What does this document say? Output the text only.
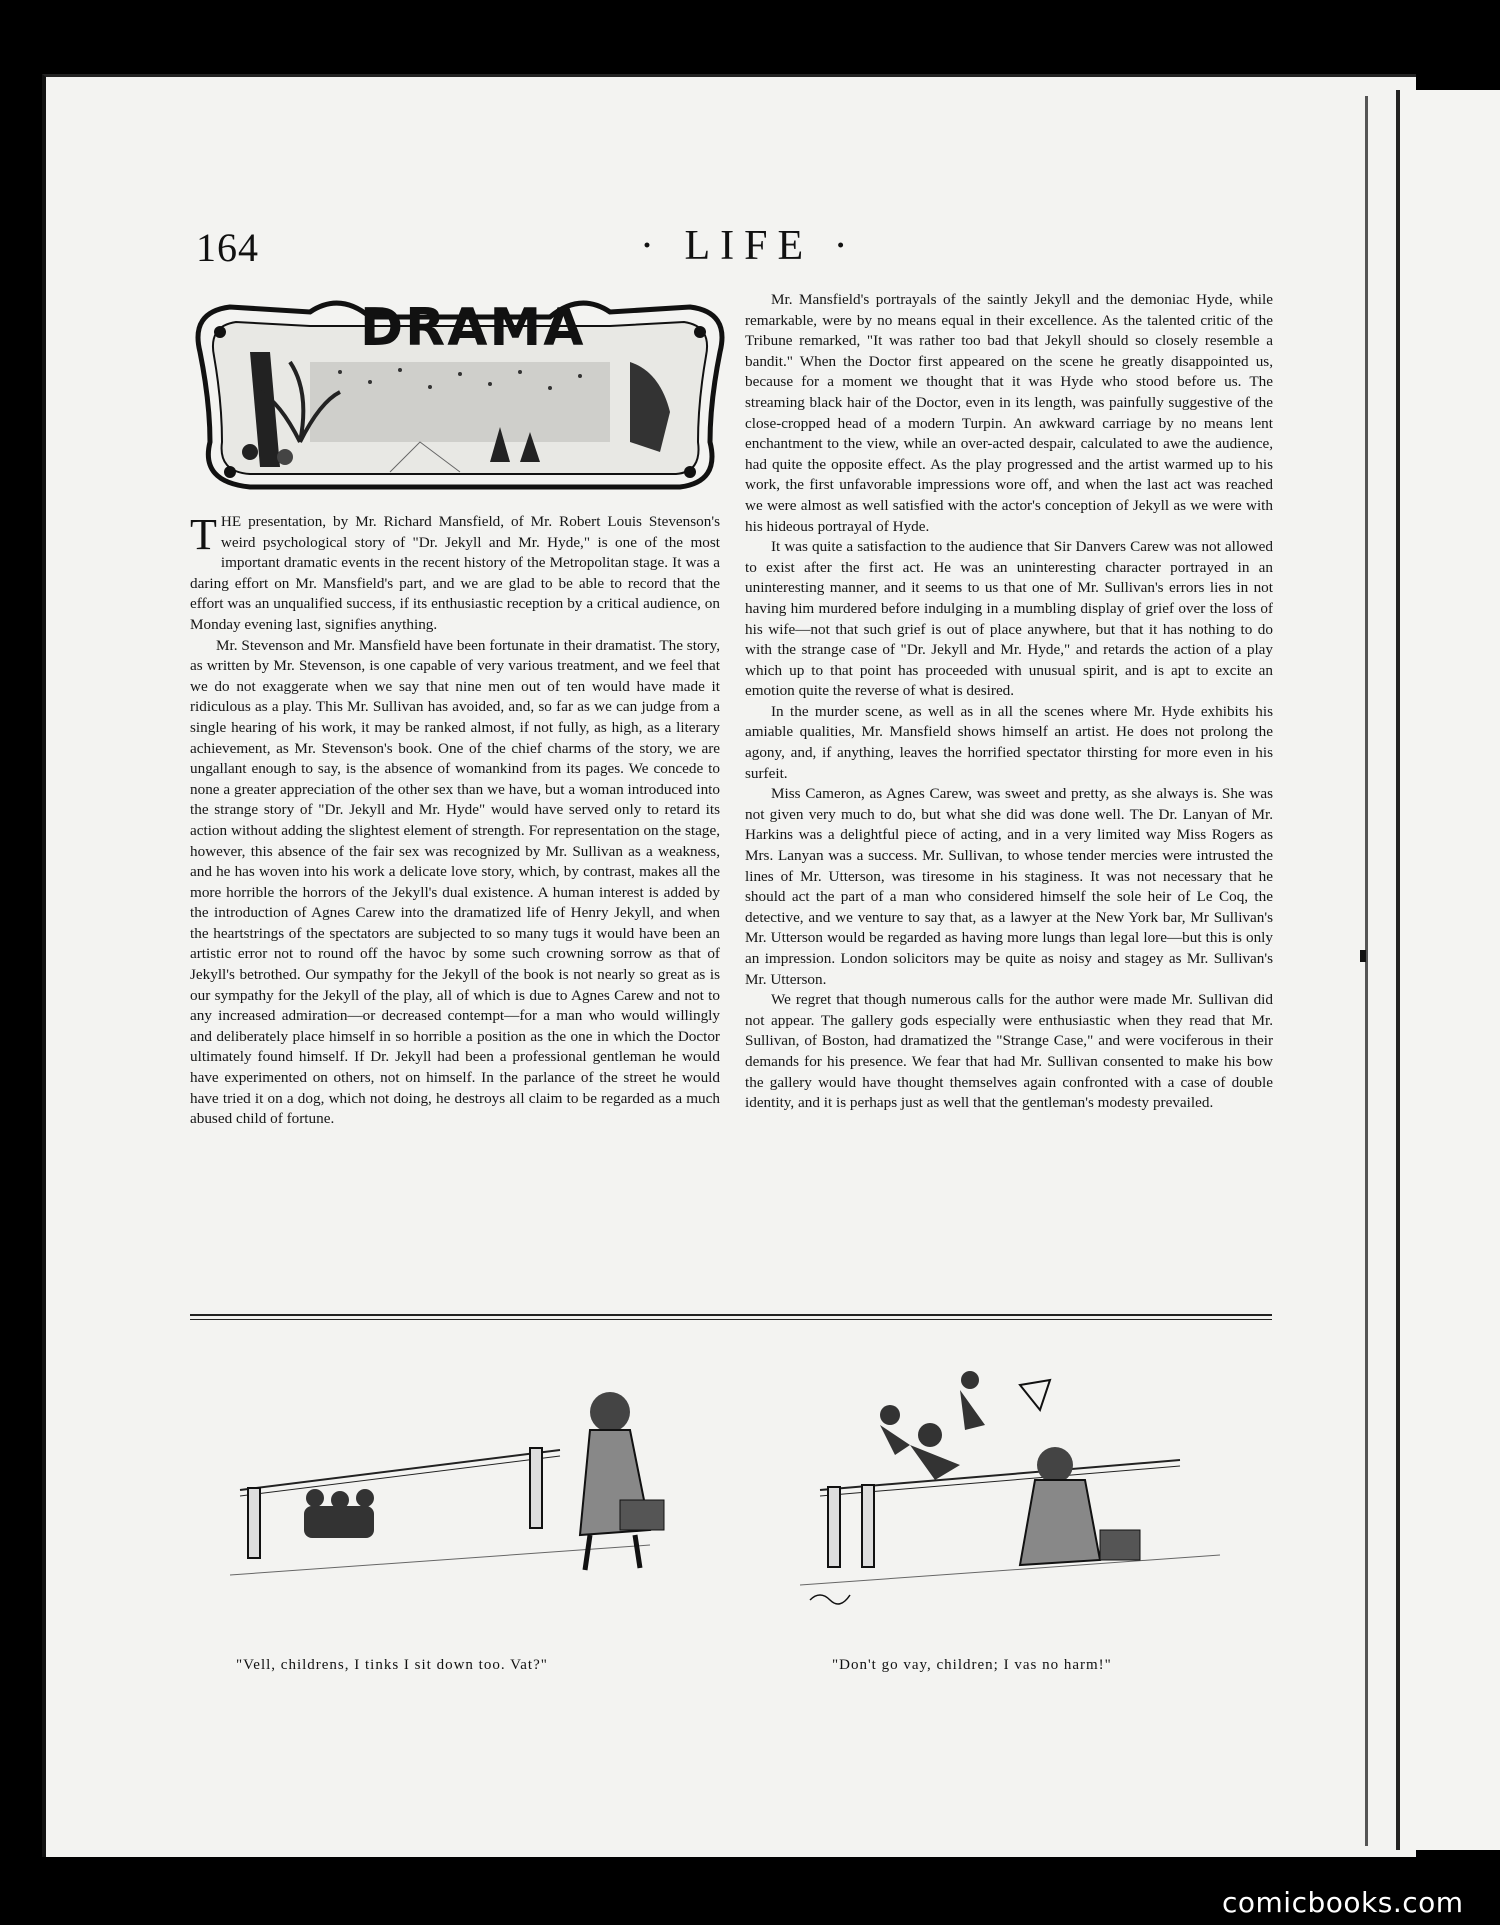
164	· LIFE ·
DRAMA

THE presentation, by Mr. Richard Mansfield, of Mr. Robert Louis Stevenson's weird psychological story of "Dr. Jekyll and Mr. Hyde," is one of the most important dramatic events in the recent history of the Metropolitan stage. It was a daring effort on Mr. Mansfield's part, and we are glad to be able to record that the effort was an unqualified success, if its enthusiastic reception by a critical audience, on Monday evening last, signifies anything.

Mr. Stevenson and Mr. Mansfield have been fortunate in their dramatist. The story, as written by Mr. Stevenson, is one capable of very various treatment, and we feel that we do not exaggerate when we say that nine men out of ten would have made it ridiculous as a play. This Mr. Sullivan has avoided, and, so far as we can judge from a single hearing of his work, it may be ranked almost, if not fully, as high, as a literary achievement, as Mr. Stevenson's book. One of the chief charms of the story, we are ungallant enough to say, is the absence of womankind from its pages. We concede to none a greater appreciation of the other sex than we have, but a woman introduced into the strange story of "Dr. Jekyll and Mr. Hyde" would have served only to retard its action without adding the slightest element of strength. For representation on the stage, however, this absence of the fair sex was recognized by Mr. Sullivan as a weakness, and he has woven into his work a delicate love story, which, by contrast, makes all the more horrible the horrors of the Jekyll's dual existence. A human interest is added by the introduction of Agnes Carew into the dramatized life of Henry Jekyll, and when the heartstrings of the spectators are subjected to so many tugs it would have been an artistic error not to round off the havoc by some such crowning sorrow as that of Jekyll's betrothed. Our sympathy for the Jekyll of the book is not nearly so great as is our sympathy for the Jekyll of the play, all of which is due to Agnes Carew and not to any increased admiration—or decreased contempt—for a man who would willingly and deliberately place himself in so horrible a position as the one in which the Doctor ultimately found himself. If Dr. Jekyll had been a professional gentleman he would have experimented on others, not on himself. In the parlance of the street he would have tried it on a dog, which not doing, he destroys all claim to be regarded as a much abused child of fortune.

Mr. Mansfield's portrayals of the saintly Jekyll and the demoniac Hyde, while remarkable, were by no means equal in their excellence. As the talented critic of the Tribune remarked, "It was rather too bad that Jekyll should so closely resemble a bandit." When the Doctor first appeared on the scene he greatly disappointed us, because for a moment we thought that it was Hyde who stood before us. The streaming black hair of the Doctor, even in its length, was painfully suggestive of the close-cropped head of a modern Turpin. An awkward carriage by no means lent enchantment to the view, while an over-acted despair, calculated to awe the audience, had quite the opposite effect. As the play progressed and the artist warmed up to his work, the first unfavorable impressions wore off, and when the last act was reached we were almost as well satisfied with the actor's conception of Jekyll as we were with his hideous portrayal of Hyde.

It was quite a satisfaction to the audience that Sir Danvers Carew was not allowed to exist after the first act. He was an uninteresting character portrayed in an uninteresting manner, and it seems to us that one of Mr. Sullivan's errors lies in not having him murdered before indulging in a mumbling display of grief over the loss of his wife—not that such grief is out of place anywhere, but that it has nothing to do with the strange case of "Dr. Jekyll and Mr. Hyde," and retards the action of a play which up to that point has proceeded with unusual spirit, and is apt to excite an emotion quite the reverse of what is desired.

In the murder scene, as well as in all the scenes where Mr. Hyde exhibits his amiable qualities, Mr. Mansfield shows himself an artist. He does not prolong the agony, and, if anything, leaves the horrified spectator thirsting for more even in his surfeit.

Miss Cameron, as Agnes Carew, was sweet and pretty, as she always is. She was not given very much to do, but what she did was done well. The Dr. Lanyan of Mr. Harkins was a delightful piece of acting, and in a very limited way Miss Rogers as Mrs. Lanyan was a success. Mr. Sullivan, to whose tender mercies were intrusted the lines of Mr. Utterson, was tiresome in his staginess. It was not necessary that he should act the part of a man who considered himself the sole heir of Le Coq, the detective, and we venture to say that, as a lawyer at the New York bar, Mr Sullivan's Mr. Utterson would be regarded as having more lungs than legal lore—but this is only an impression. London solicitors may be quite as noisy and stagey as Mr. Sullivan's Mr. Utterson.

We regret that though numerous calls for the author were made Mr. Sullivan did not appear. The gallery gods especially were enthusiastic when they read that Mr. Sullivan, of Boston, had dramatized the "Strange Case," and were vociferous in their demands for his presence. We fear that had Mr. Sullivan consented to make his bow the gallery would have thought themselves again confronted with a case of double identity, and it is perhaps just as well that the gentleman's modesty prevailed.

"Vell, childrens, I tinks I sit down too. Vat?"	"Don't go vay, children; I vas no harm!"
comicbooks.com
